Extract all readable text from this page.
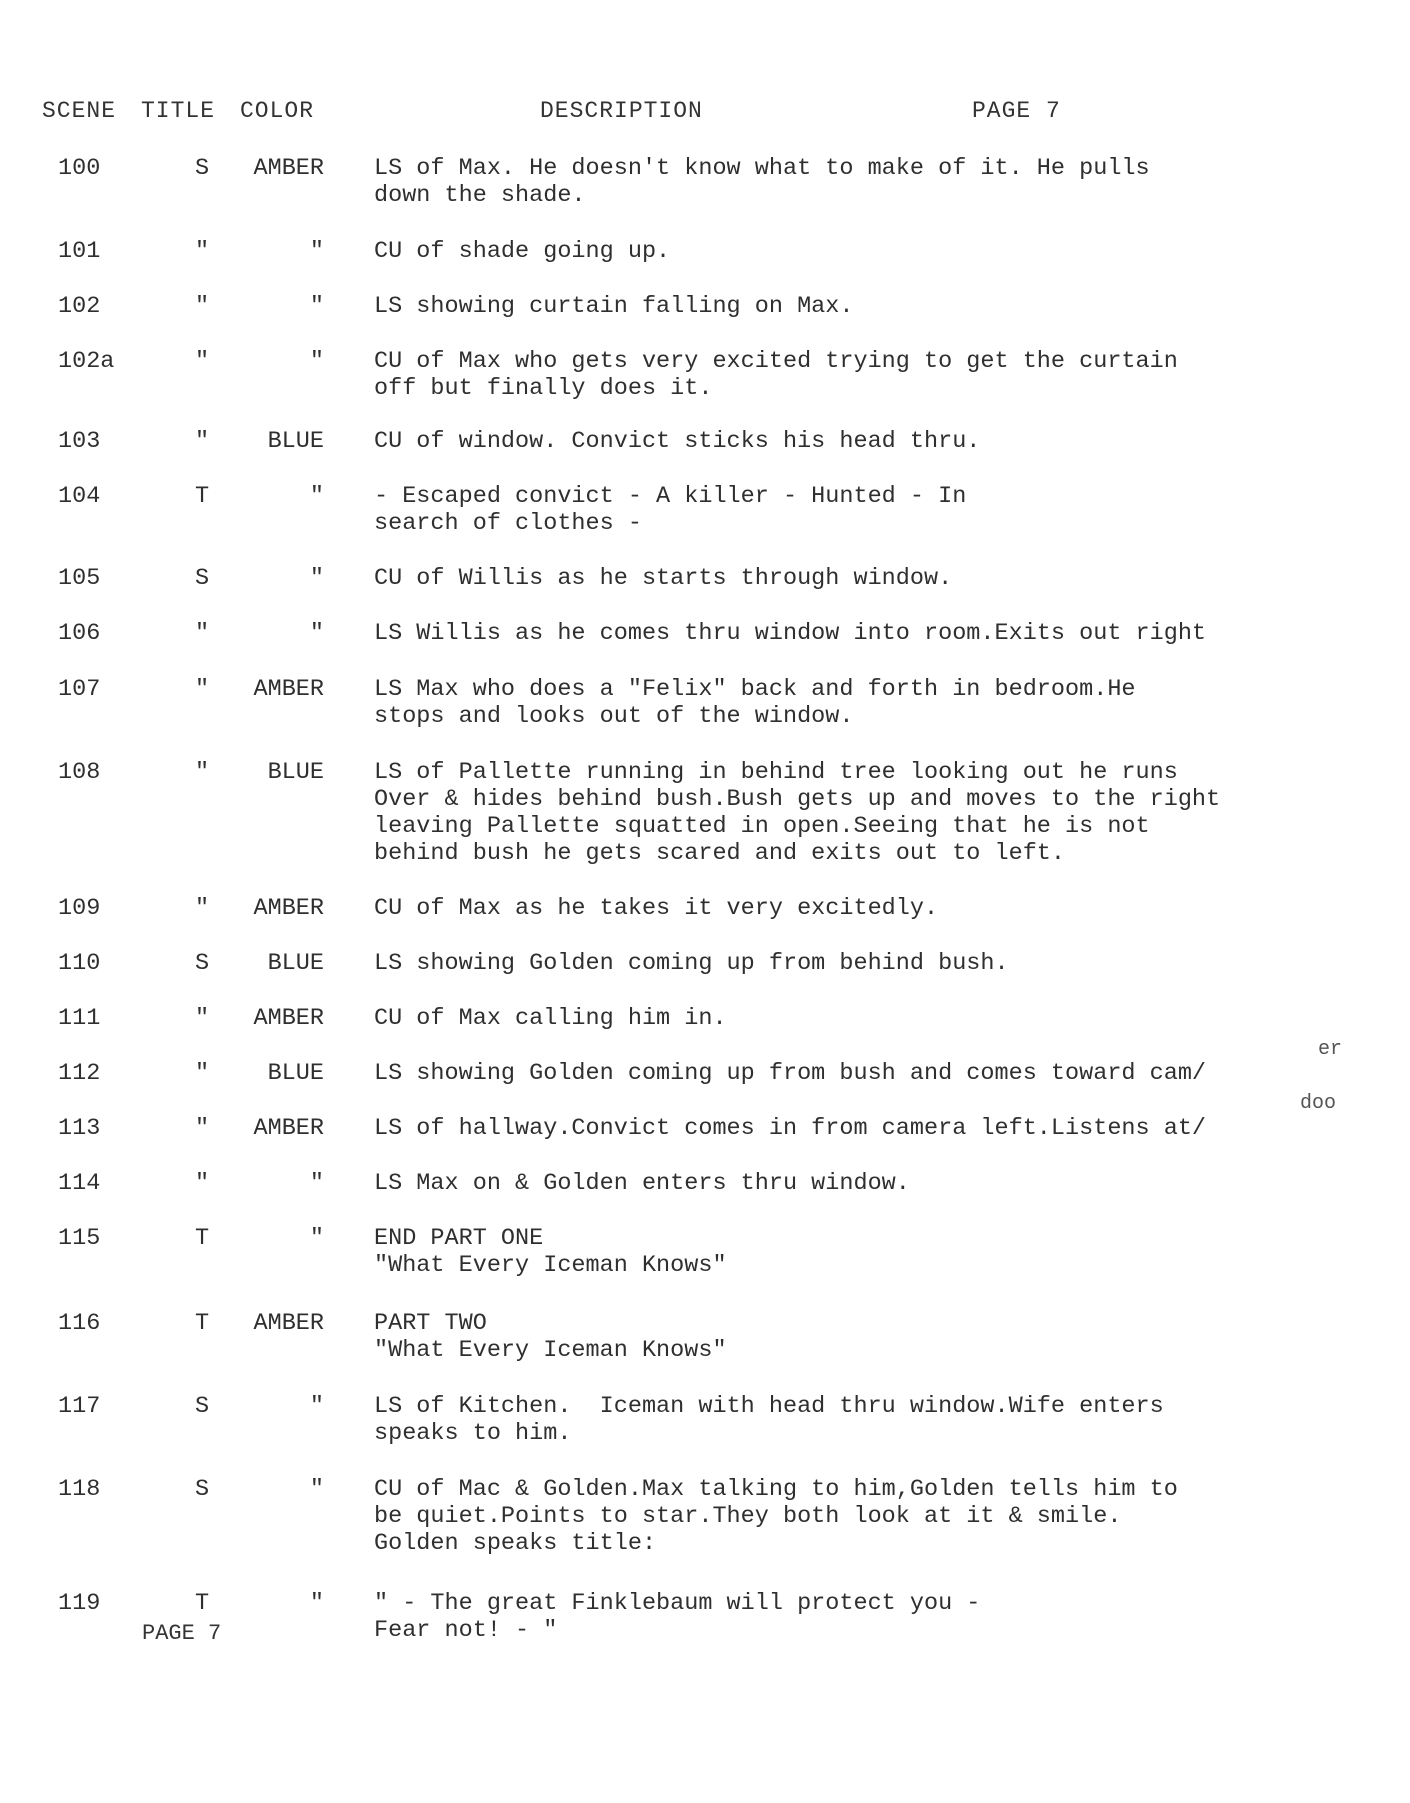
SCENE TITLE COLOR	DESCRIPTION	PAGE 7
100	S	AMBER LS of Max. He doesn't know what to make of it. He pulls
down the shade.
101	"	" CU of shade going up.
102	"	" LS showing curtain falling on Max.
102a	"	" CU of Max who gets very excited trying to get the curtain
off but finally does it.
103	"	BLUE CU of window. Convict sticks his head thru.
104	T	" - Escaped convict - A killer - Hunted - In
search of clothes -
105	S	" CU of Willis as he starts through window.
106	"	" LS Willis as he comes thru window into room.Exits out right
107	"	AMBER LS Max who does a "Felix" back and forth in bedroom.He
stops and looks out of the window.
108	"	BLUE LS of Pallette running in behind tree looking out he runs
Over & hides behind bush.Bush gets up and moves to the right
leaving Pallette squatted in open.Seeing that he is not
behind bush he gets scared and exits out to left.
109	"	AMBER CU of Max as he takes it very excitedly.
110	S	BLUE LS showing Golden coming up from behind bush.
111	"	AMBER CU of Max calling him in.
112	"	BLUE LS showing Golden coming up from bush and comes toward cam/
113	"	AMBER LS of hallway.Convict comes in from camera left.Listens at/
114	"	" LS Max on & Golden enters thru window.
115	T	" END PART ONE
"What Every Iceman Knows"
116	T	AMBER PART TWO
"What Every Iceman Knows"
117	S	" LS of Kitchen.  Iceman with head thru window.Wife enters
speaks to him.
118	S	" CU of Mac & Golden.Max talking to him,Golden tells him to
be quiet.Points to star.They both look at it & smile.
Golden speaks title:
119	T	" " - The great Finklebaum will protect you -
Fear not! - "
er
doo
PAGE 7
